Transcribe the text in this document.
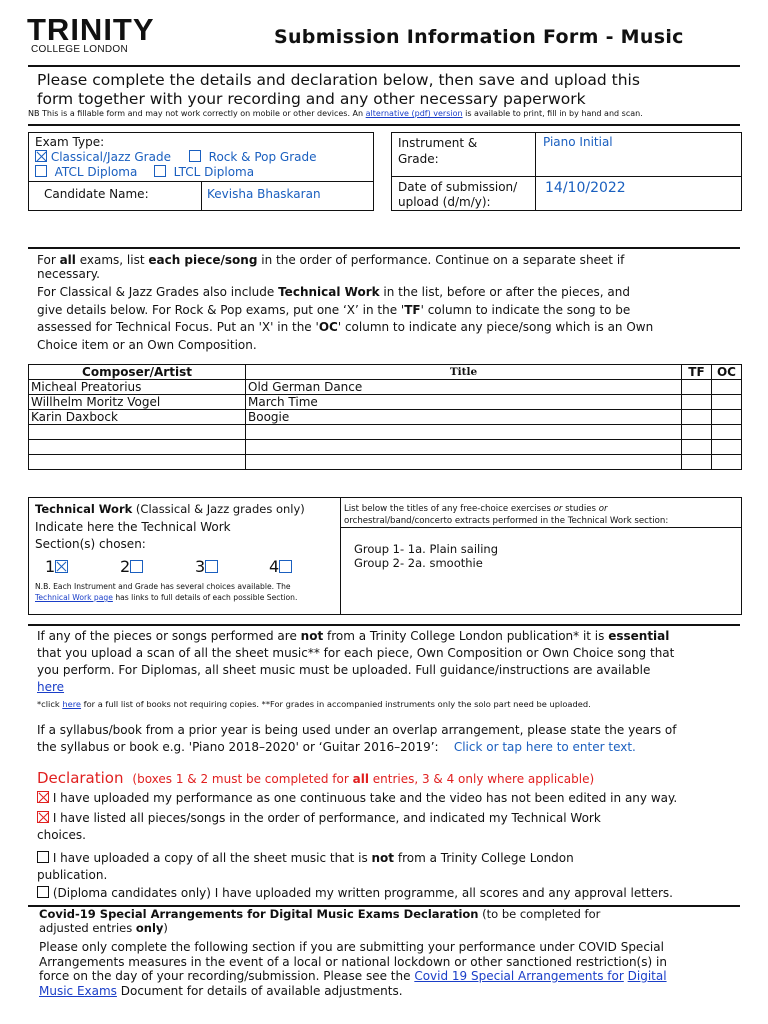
TRINITY
COLLEGE LONDON
Submission Information Form - Music
Please complete the details and declaration below, then save and upload this
form together with your recording and any other necessary paperwork
NB This is a fillable form and may not work correctly on mobile or other devices. An alternative (pdf) version is available to print, fill in by hand and scan.
Exam Type:
Classical/Jazz Grade	Rock & Pop Grade
ATCL Diploma	LTCL Diploma
Candidate Name:	Kevisha Bhaskaran
Instrument &
Grade:
Piano Initial
Date of submission/
upload (d/m/y):
14/10/2022
For all exams, list each piece/song in the order of performance. Continue on a separate sheet if
necessary.
For Classical & Jazz Grades also include Technical Work in the list, before or after the pieces, and
give details below. For Rock & Pop exams, put one ‘X’ in the 'TF' column to indicate the song to be
assessed for Technical Focus. Put an 'X' in the 'OC' column to indicate any piece/song which is an Own
Choice item or an Own Composition.
Composer/Artist	Title	TF	OC
Micheal Preatorius	Old German Dance		
Willhelm Moritz Vogel	March Time		
Karin Daxbock	Boogie		

Technical Work (Classical & Jazz grades only)
Indicate here the Technical Work
Section(s) chosen:
1	2	3	4
N.B. Each Instrument and Grade has several choices available. The
Technical Work page has links to full details of each possible Section.
List below the titles of any free-choice exercises or studies or
orchestral/band/concerto extracts performed in the Technical Work section:
Group 1- 1a. Plain sailing
Group 2- 2a. smoothie
If any of the pieces or songs performed are not from a Trinity College London publication* it is essential
that you upload a scan of all the sheet music** for each piece, Own Composition or Own Choice song that
you perform. For Diplomas, all sheet music must be uploaded. Full guidance/instructions are available
here
*click here for a full list of books not requiring copies. **For grades in accompanied instruments only the solo part need be uploaded.
If a syllabus/book from a prior year is being used under an overlap arrangement, please state the years of
the syllabus or book e.g. 'Piano 2018–2020' or ‘Guitar 2016–2019’: Click or tap here to enter text.
Declaration (boxes 1 & 2 must be completed for all entries, 3 & 4 only where applicable)
I have uploaded my performance as one continuous take and the video has not been edited in any way.
I have listed all pieces/songs in the order of performance, and indicated my Technical Work
choices.
I have uploaded a copy of all the sheet music that is not from a Trinity College London
publication.
(Diploma candidates only) I have uploaded my written programme, all scores and any approval letters.
Covid-19 Special Arrangements for Digital Music Exams Declaration (to be completed for
adjusted entries only)
Please only complete the following section if you are submitting your performance under COVID Special
Arrangements measures in the event of a local or national lockdown or other sanctioned restriction(s) in
force on the day of your recording/submission. Please see the Covid 19 Special Arrangements for Digital
Music Exams Document for details of available adjustments.
